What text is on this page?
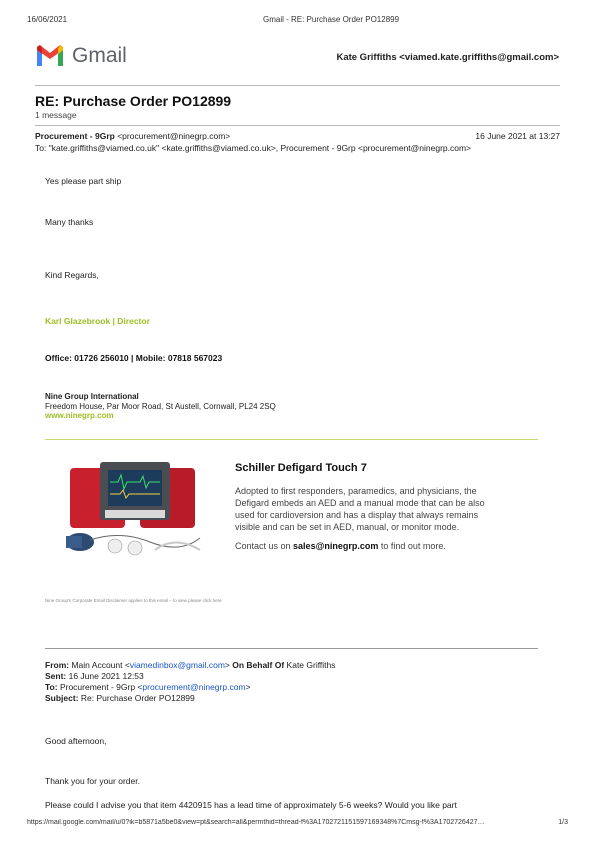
16/06/2021	Gmail - RE: Purchase Order PO12899
Gmail	Kate Griffiths <viamed.kate.griffiths@gmail.com>
RE: Purchase Order PO12899
1 message
Procurement - 9Grp <procurement@ninegrp.com>	16 June 2021 at 13:27
To: "kate.griffiths@viamed.co.uk" <kate.griffiths@viamed.co.uk>, Procurement - 9Grp <procurement@ninegrp.com>
Yes please part ship
Many thanks
Kind Regards,
Karl Glazebrook | Director
Office: 01726 256010 | Mobile: 07818 567023
Nine Group International
Freedom House, Par Moor Road, St Austell, Cornwall, PL24 2SQ
www.ninegrp.com
Schiller Defigard Touch 7
Adopted to first responders, paramedics, and physicians, the
Defigard embeds an AED and a manual mode that can be also
used for cardioversion and has a display that always remains
visible and can be set in AED, manual, or monitor mode.
Contact us on sales@ninegrp.com to find out more.
Nine Group's Corporate Email Disclaimer applies to this email – to view please click here
From: Main Account <viamedinbox@gmail.com> On Behalf Of Kate Griffiths
Sent: 16 June 2021 12:53
To: Procurement - 9Grp <procurement@ninegrp.com>
Subject: Re: Purchase Order PO12899
Good afternoon,
Thank you for your order.
Please could I advise you that item 4420915 has a lead time of approximately 5-6 weeks? Would you like part
https://mail.google.com/mail/u/0?ik=b5871a5be0&view=pt&search=all&permthid=thread-f%3A1702721151597169348%7Cmsg-f%3A1702726427…	1/3
